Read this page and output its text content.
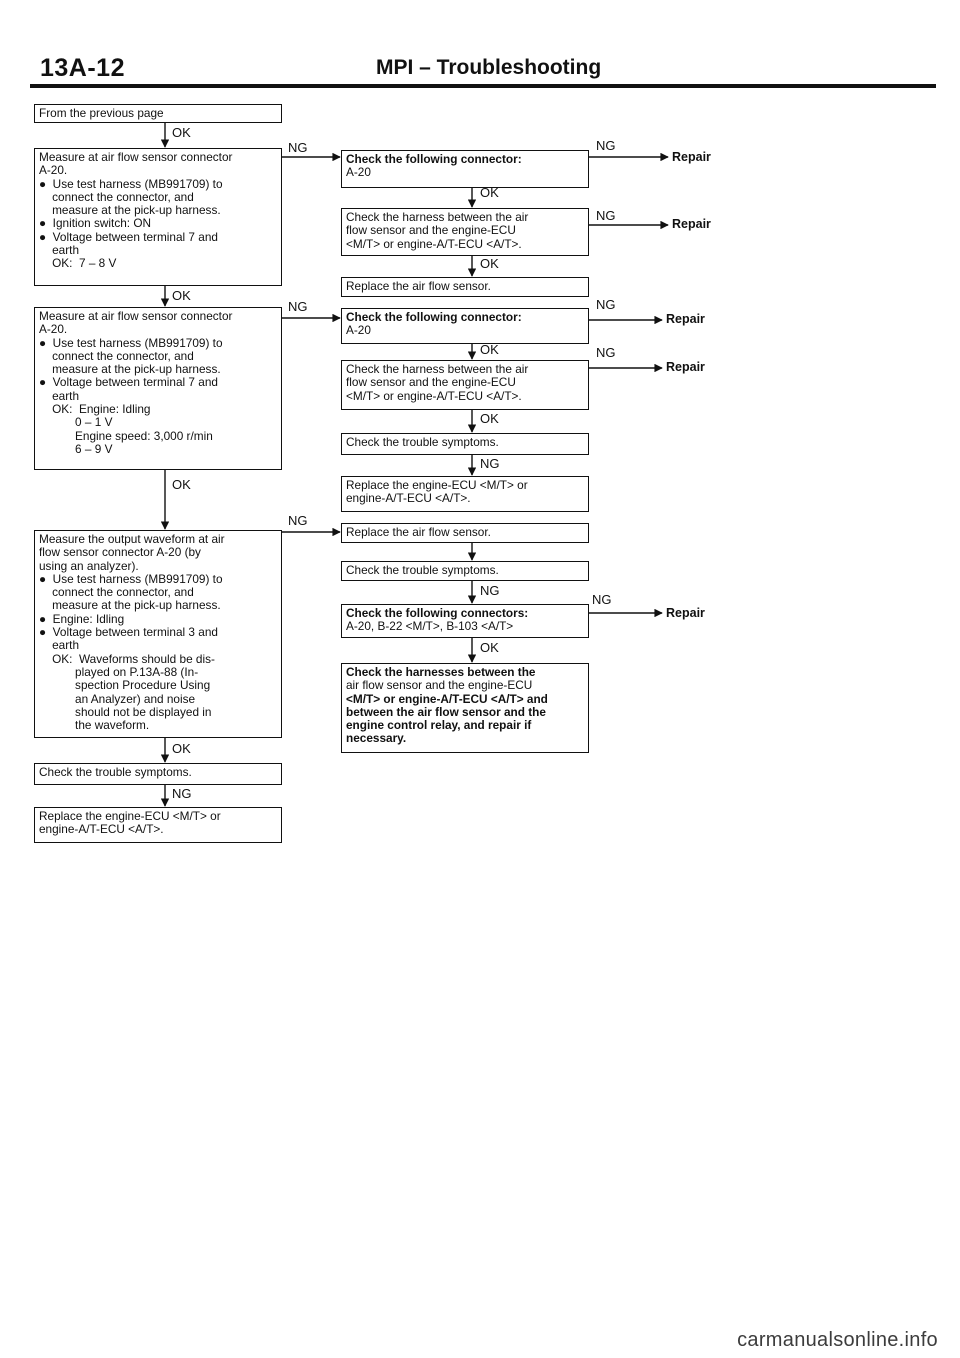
13A-12	MPI – Troubleshooting
From the previous page
OK
Measure at air flow sensor connector
A-20.
●  Use test harness (MB991709) to
connect the connector, and
measure at the pick-up harness.
●  Ignition switch: ON
●  Voltage between terminal 7 and
earth
OK:  7 – 8 V
NG
OK
Measure at air flow sensor connector
A-20.
●  Use test harness (MB991709) to
connect the connector, and
measure at the pick-up harness.
●  Voltage between terminal 7 and
earth
OK:  Engine: Idling
0 – 1 V
Engine speed: 3,000 r/min
6 – 9 V
NG
OK
Measure the output waveform at air
flow sensor connector A-20 (by
using an analyzer).
●  Use test harness (MB991709) to
connect the connector, and
measure at the pick-up harness.
●  Engine: Idling
●  Voltage between terminal 3 and
earth
OK:  Waveforms should be dis-
played on P.13A-88 (In-
spection Procedure Using
an Analyzer) and noise
should not be displayed in
the waveform.
NG
OK
Check the trouble symptoms.
NG
Replace the engine-ECU <M/T> or
engine-A/T-ECU <A/T>.
Check the following connector:
A-20
NG
Repair
OK
Check the harness between the air
flow sensor and the engine-ECU
<M/T> or engine-A/T-ECU <A/T>.
NG
Repair
OK
Replace the air flow sensor.
Check the following connector:
A-20
NG
Repair
OK
Check the harness between the air
flow sensor and the engine-ECU
<M/T> or engine-A/T-ECU <A/T>.
NG
Repair
OK
Check the trouble symptoms.
NG
Replace the engine-ECU <M/T> or
engine-A/T-ECU <A/T>.
Replace the air flow sensor.
Check the trouble symptoms.
NG
Check the following connectors:
A-20, B-22 <M/T>, B-103 <A/T>
NG
Repair
OK
Check the harnesses between the
air flow sensor and the engine-ECU
<M/T> or engine-A/T-ECU <A/T> and
between the air flow sensor and the
engine control relay, and repair if
necessary.
carmanualsonline.info
